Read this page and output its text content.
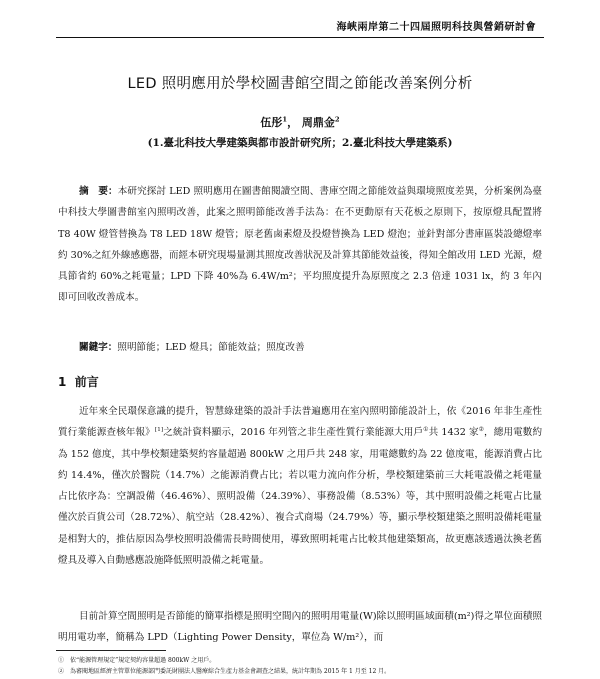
海峽兩岸第二十四屆照明科技與營銷研討會
LED 照明應用於學校圖書館空間之節能改善案例分析
伍彤$^1$， 周鼎金$^2$
(1.臺北科技大學建築與都市設計研究所；2.臺北科技大學建築系)

摘　要：本研究探討 LED 照明應用在圖書館閱讀空間、書庫空間之節能效益與環境照度差異，分析案例為臺中科技大學圖書館室內照明改善，此案之照明節能改善手法為：在不更動原有天花板之原則下，按原燈具配置將 T8 40W 燈管替換為 T8 LED 18W 燈管；原老舊鹵素燈及投燈替換為 LED 燈泡；並針對部分書庫區裝設總燈率約 30%之紅外線感應器，而經本研究現場量測其照度改善狀況及計算其節能效益後，得知全館改用 LED 光源，燈具節省約 60%之耗電量；LPD 下降 40%為 6.4W/m²；平均照度提升為原照度之 2.3 倍達 1031 lx，約 3 年內即可回收改善成本。

關鍵字：照明節能；LED 燈具；節能效益；照度改善

1 前言

近年來全民環保意識的提升，智慧綠建築的設計手法普遍應用在室內照明節能設計上，依《2016 年非生產性質行業能源查核年報》[1]之統計資料顯示，2016 年列管之非生產性質行業能源大用戶①共 1432 家②，總用電數約為 152 億度，其中學校類建築契約容量超過 800kW 之用戶共 248 家，用電總數約為 22 億度電，能源消費占比約 14.4%，僅次於醫院（14.7%）之能源消費占比；若以電力流向作分析，學校類建築前三大耗電設備之耗電量占比依序為：空調設備（46.46%）、照明設備（24.39%）、事務設備（8.53%）等，其中照明設備之耗電占比量僅次於百貨公司（28.72%）、航空站（28.42%）、複合式商場（24.79%）等，顯示學校類建築之照明設備耗電量是相對大的，推估原因為學校照明設備需長時間使用，導致照明耗電占比較其他建築類高，故更應該透過汰換老舊燈具及導入自動感應設施降低照明設備之耗電量。

目前計算空間照明是否節能的簡單指標是照明空間內的照明用電量(W)除以照明區域面積(m²)得之單位面積照明用電功率，簡稱為 LPD（Lighting Power Density，單位為 W/m²），而

①　依“能源管理規定”規定契約容量超過 800kW 之用戶。

②　為審閱地區經濟主管單位能源部門委託財團法人醫療綜合生產力基金會調查之結果，統計年期為 2015 年 1 月至 12 月。
